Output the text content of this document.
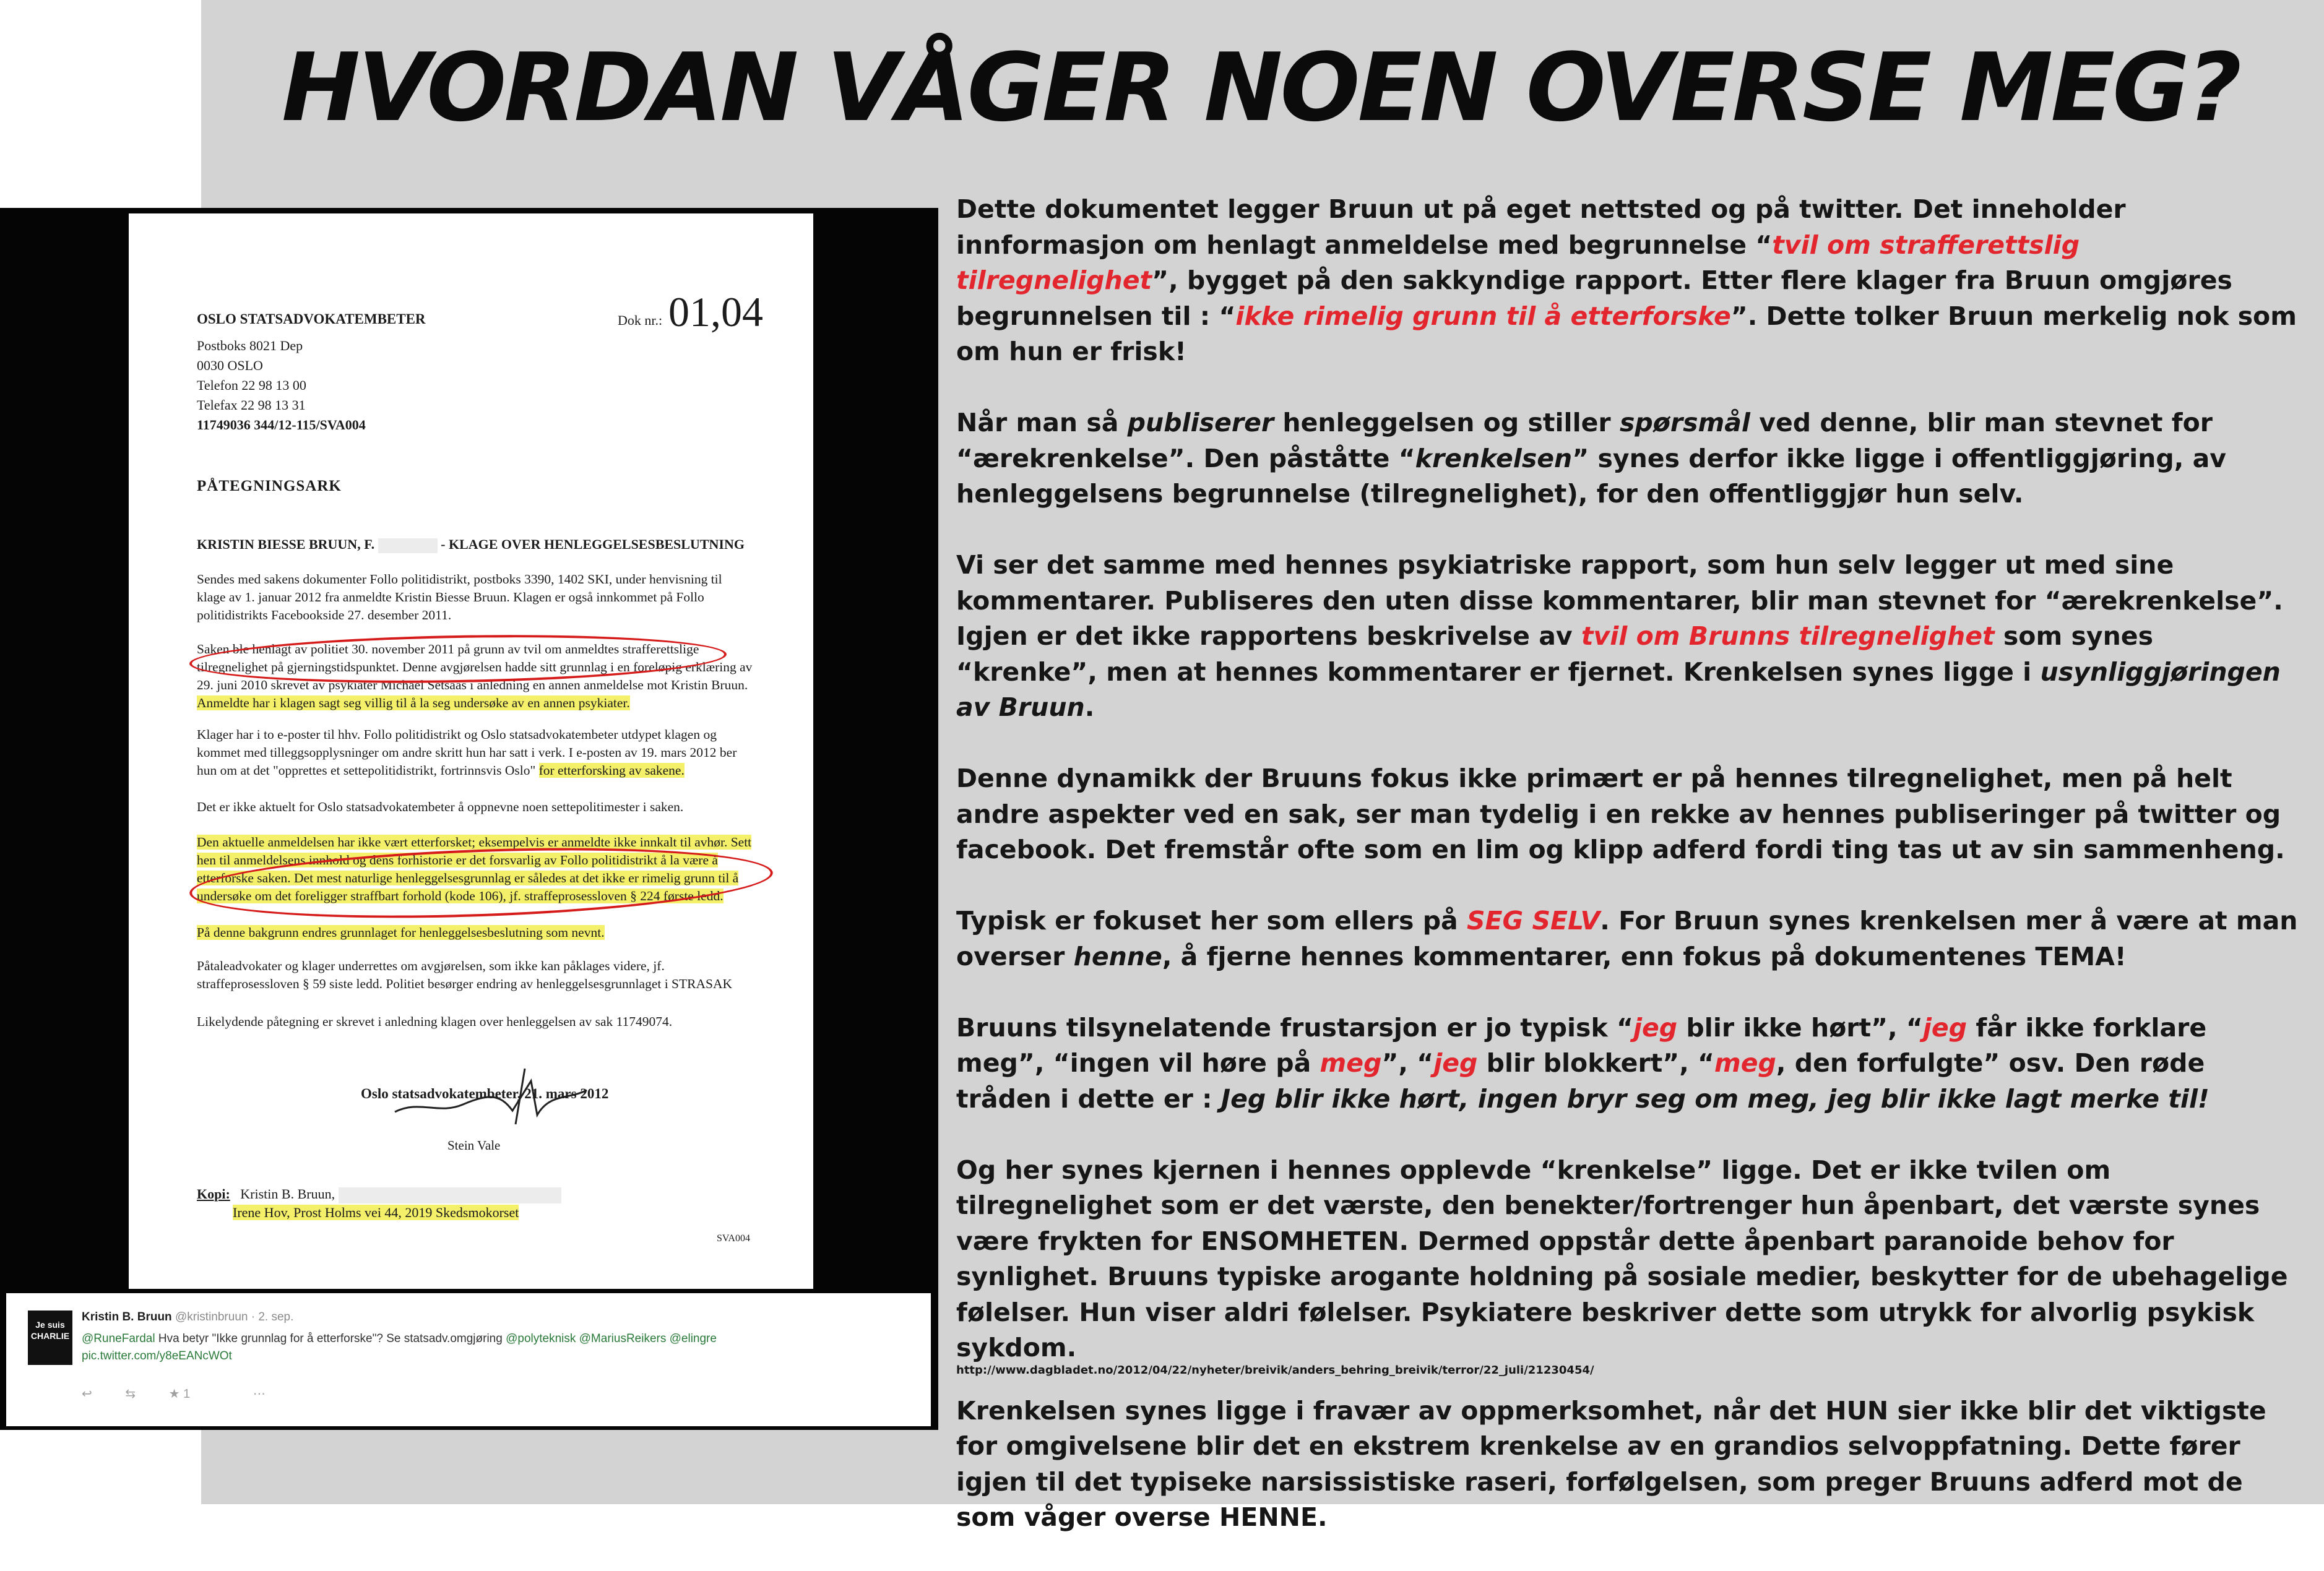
HVORDAN VÅGER NOEN OVERSE MEG?
OSLO STATSADVOKATEMBETER	Dok nr.: 01,04
Postboks 8021 Dep
0030 OSLO
Telefon 22 98 13 00
Telefax 22 98 13 31
11749036 344/12-115/SVA004
PÅTEGNINGSARK
KRISTIN BIESSE BRUUN, F.	- KLAGE OVER HENLEGGELSESBESLUTNING
Sendes med sakens dokumenter Follo politidistrikt, postboks 3390, 1402 SKI, under henvisning til klage av 1. januar 2012 fra anmeldte Kristin Biesse Bruun. Klagen er også innkommet på Follo politidistrikts Facebookside 27. desember 2011.
Saken ble henlagt av politiet 30. november 2011 på grunn av tvil om anmeldtes strafferettslige tilregnelighet på gjerningstidspunktet. Denne avgjørelsen hadde sitt grunnlag i en foreløpig erklæring av 29. juni 2010 skrevet av psykiater Michael Setsaas i anledning en annen anmeldelse mot Kristin Bruun. Anmeldte har i klagen sagt seg villig til å la seg undersøke av en annen psykiater.
Klager har i to e-poster til hhv. Follo politidistrikt og Oslo statsadvokatembeter utdypet klagen og kommet med tilleggsopplysninger om andre skritt hun har satt i verk. I e-posten av 19. mars 2012 ber hun om at det "opprettes et settepolitidistrikt, fortrinnsvis Oslo" for etterforsking av sakene.
Det er ikke aktuelt for Oslo statsadvokatembeter å oppnevne noen settepolitimester i saken.
Den aktuelle anmeldelsen har ikke vært etterforsket; eksempelvis er anmeldte ikke innkalt til avhør. Sett hen til anmeldelsens innhold og dens forhistorie er det forsvarlig av Follo politidistrikt å la være å etterforske saken. Det mest naturlige henleggelsesgrunnlag er således at det ikke er rimelig grunn til å undersøke om det foreligger straffbart forhold (kode 106), jf. straffeprosessloven § 224 første ledd.
På denne bakgrunn endres grunnlaget for henleggelsesbeslutning som nevnt.
Påtaleadvokater og klager underrettes om avgjørelsen, som ikke kan påklages videre, jf. straffeprosessloven § 59 siste ledd. Politiet besørger endring av henleggelsesgrunnlaget i STRASAK
Likelydende påtegning er skrevet i anledning klagen over henleggelsen av sak 11749074.
Oslo statsadvokatembeter, 21. mars 2012
Stein Vale
Kopi: Kristin B. Bruun,
Irene Hov, Prost Holms vei 44, 2019 Skedsmokorset
SVA004
Je suis
CHARLIE
Kristin B. Bruun @kristinbruun · 2. sep.
@RuneFardal Hva betyr "Ikke grunnlag for å etterforske"? Se statsadv.omgjøring @polyteknisk @MariusReikers @elingre
pic.twitter.com/y8eEANcWOt
↩	⇆	★ 1	⋯

Dette dokumentet legger Bruun ut på eget nettsted og på twitter. Det inneholder innformasjon om henlagt anmeldelse med begrunnelse “tvil om strafferettslig tilregnelighet”, bygget på den sakkyndige rapport. Etter flere klager fra Bruun omgjøres begrunnelsen til : “ikke rimelig grunn til å etterforske”. Dette tolker Bruun merkelig nok som om hun er frisk!

Når man så publiserer henleggelsen og stiller spørsmål ved denne, blir man stevnet for “ærekrenkelse”. Den påståtte “krenkelsen” synes derfor ikke ligge i offentliggjøring, av henleggelsens begrunnelse (tilregnelighet), for den offentliggjør hun selv.

Vi ser det samme med hennes psykiatriske rapport, som hun selv legger ut med sine kommentarer. Publiseres den uten disse kommentarer, blir man stevnet for “ærekrenkelse”. Igjen er det ikke rapportens beskrivelse av tvil om Brunns tilregnelighet som synes “krenke”, men at hennes kommentarer er fjernet. Krenkelsen synes ligge i usynliggjøringen av Bruun.

Denne dynamikk der Bruuns fokus ikke primært er på hennes tilregnelighet, men på helt andre aspekter ved en sak, ser man tydelig i en rekke av hennes publiseringer på twitter og facebook. Det fremstår ofte som en lim og klipp adferd fordi ting tas ut av sin sammenheng.

Typisk er fokuset her som ellers på SEG SELV. For Bruun synes krenkelsen mer å være at man overser henne, å fjerne hennes kommentarer, enn fokus på dokumentenes TEMA!

Bruuns tilsynelatende frustarsjon er jo typisk “jeg blir ikke hørt”, “jeg får ikke forklare meg”, “ingen vil høre på meg”, “jeg blir blokkert”, “meg, den forfulgte” osv. Den røde tråden i dette er : Jeg blir ikke hørt, ingen bryr seg om meg, jeg blir ikke lagt merke til!

Og her synes kjernen i hennes opplevde “krenkelse” ligge. Det er ikke tvilen om tilregnelighet som er det værste, den benekter/fortrenger hun åpenbart, det værste synes være frykten for ENSOMHETEN. Dermed oppstår dette åpenbart paranoide behov for synlighet. Bruuns typiske arogante holdning på sosiale medier, beskytter for de ubehagelige følelser. Hun viser aldri følelser. Psykiatere beskriver dette som utrykk for alvorlig psykisk sykdom.

http://www.dagbladet.no/2012/04/22/nyheter/breivik/anders_behring_breivik/terror/22_juli/21230454/

Krenkelsen synes ligge i fravær av oppmerksomhet, når det HUN sier ikke blir det viktigste for omgivelsene blir det en ekstrem krenkelse av en grandios selvoppfatning. Dette fører igjen til det typiseke narsissistiske raseri, forfølgelsen, som preger Bruuns adferd mot de som våger overse HENNE.
